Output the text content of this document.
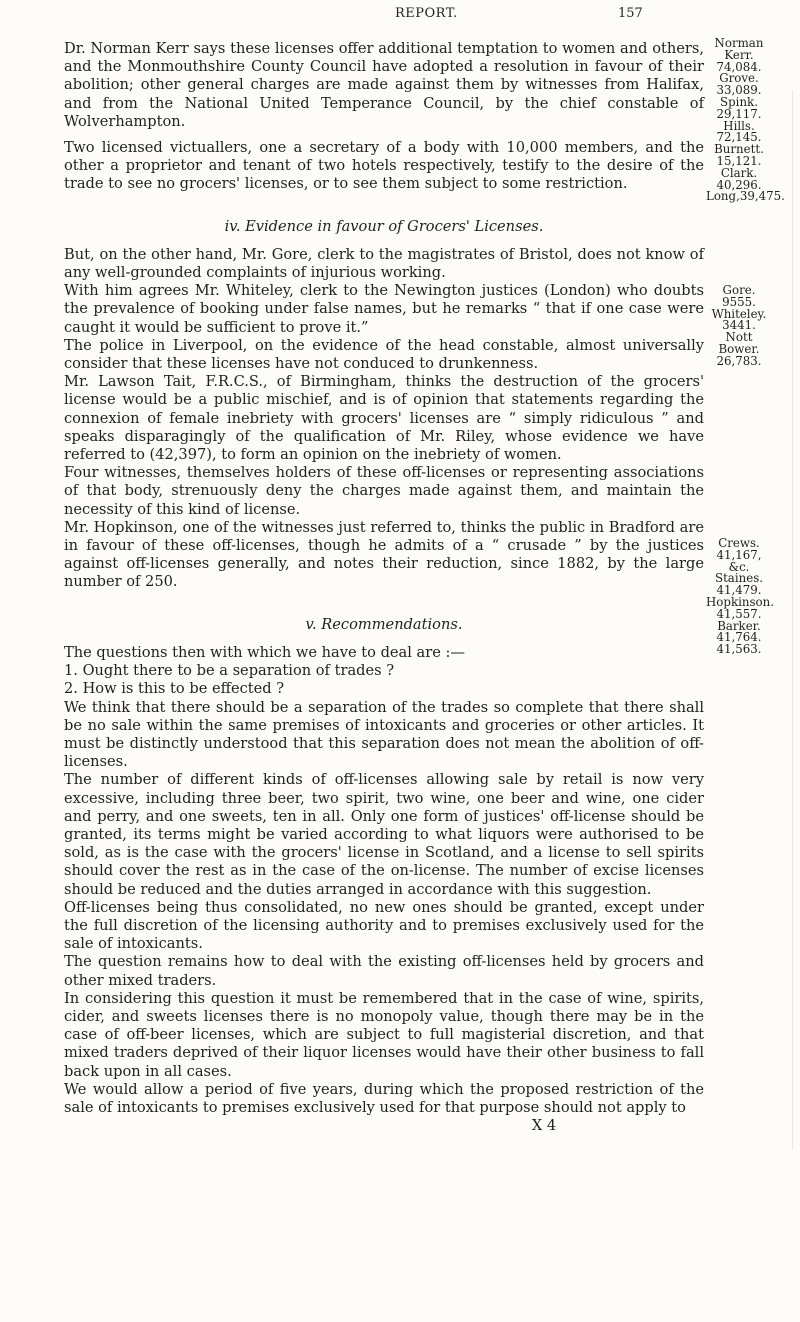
REPORT.	157

Dr. Norman Kerr says these licenses offer additional temptation to women and others, and the Monmouthshire County Council have adopted a resolution in favour of their abolition; other general charges are made against them by witnesses from Halifax, and from the National United Temperance Council, by the chief constable of Wolverhampton.

Two licensed victuallers, one a secretary of a body with 10,000 members, and the other a proprietor and tenant of two hotels respectively, testify to the desire of the trade to see no grocers' licenses, or to see them subject to some restriction.

iv. Evidence in favour of Grocers' Licenses.

But, on the other hand, Mr. Gore, clerk to the magistrates of Bristol, does not know of any well-grounded complaints of injurious working.

With him agrees Mr. Whiteley, clerk to the Newington justices (London) who doubts the prevalence of booking under false names, but he remarks “ that if one case were caught it would be sufficient to prove it.”

The police in Liverpool, on the evidence of the head constable, almost universally consider that these licenses have not conduced to drunkenness.

Mr. Lawson Tait, F.R.C.S., of Birmingham, thinks the destruction of the grocers' license would be a public mischief, and is of opinion that statements regarding the connexion of female inebriety with grocers' licenses are “ simply ridiculous ” and speaks disparagingly of the qualification of Mr. Riley, whose evidence we have referred to (42,397), to form an opinion on the inebriety of women.

Four witnesses, themselves holders of these off-licenses or representing associations of that body, strenuously deny the charges made against them, and maintain the necessity of this kind of license.

Mr. Hopkinson, one of the witnesses just referred to, thinks the public in Bradford are in favour of these off-licenses, though he admits of a “ crusade ” by the justices against off-licenses generally, and notes their reduction, since 1882, by the large number of 250.

v. Recommendations.

The questions then with which we have to deal are :—

1. Ought there to be a separation of trades ?

2. How is this to be effected ?

We think that there should be a separation of the trades so complete that there shall be no sale within the same premises of intoxicants and groceries or other articles. It must be distinctly understood that this separation does not mean the abolition of off-licenses.

The number of different kinds of off-licenses allowing sale by retail is now very excessive, including three beer, two spirit, two wine, one beer and wine, one cider and perry, and one sweets, ten in all. Only one form of justices' off-license should be granted, its terms might be varied according to what liquors were authorised to be sold, as is the case with the grocers' license in Scotland, and a license to sell spirits should cover the rest as in the case of the on-license. The number of excise licenses should be reduced and the duties arranged in accordance with this suggestion.

Off-licenses being thus consolidated, no new ones should be granted, except under the full discretion of the licensing authority and to premises exclusively used for the sale of intoxicants.

The question remains how to deal with the existing off-licenses held by grocers and other mixed traders.

In considering this question it must be remembered that in the case of wine, spirits, cider, and sweets licenses there is no monopoly value, though there may be in the case of off-beer licenses, which are subject to full magisterial discretion, and that mixed traders deprived of their liquor licenses would have their other business to fall back upon in all cases.

We would allow a period of five years, during which the proposed restriction of the sale of intoxicants to premises exclusively used for that purpose should not apply to

X 4

Norman
Kerr. 74,084.
Grove.
33,089.
Spink.
29,117.
Hills. 72,145.
Burnett.
15,121.
Clark.
40,296.
Long,39,475.
Gore.
9555.
Whiteley.
3441.
Nott Bower.
26,783.
Crews.
41,167, &c.
Staines.
41,479.
Hopkinson.
41,557.
Barker.
41,764.
41,563.
